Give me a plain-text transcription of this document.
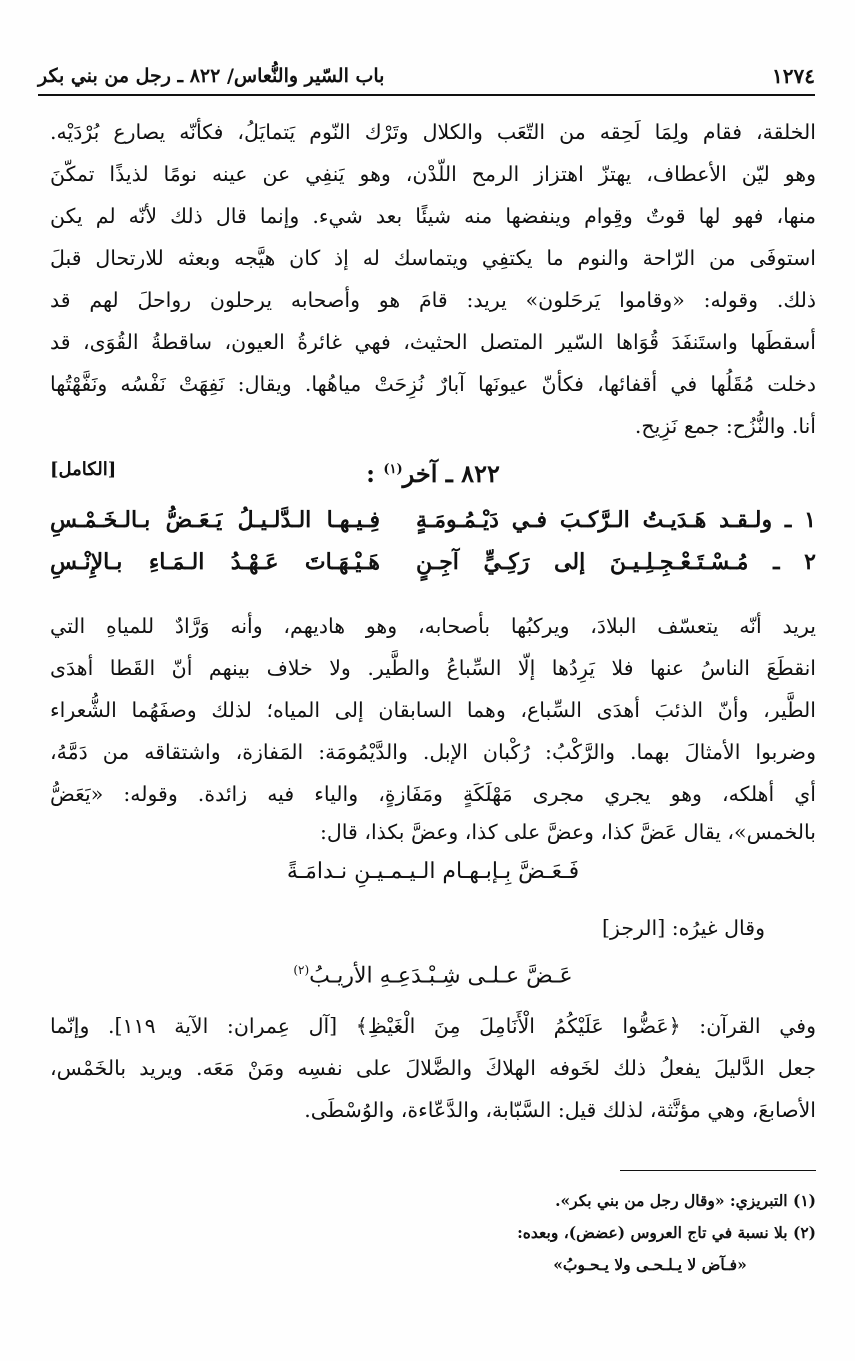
١٢٧٤
باب السّير والنُّعاس/ ٨٢٢ ـ رجل من بني بكر
الخلقة، فقام ولِمَا لَحِقه من التّعَب والكلال وتَرْك النّوم يَتمايَلُ، فكأنّه يصارع بُرْدَيْه.
وهو ليّن الأعطاف، يهتزّ اهتزاز الرمح اللّدْن، وهو يَنفِي عن عينه نومًا لذيذًا تمكّنَ
منها، فهو لها قوتٌ وقِوام وينفضها منه شيئًا بعد شيء. وإنما قال ذلك لأنّه لم يكن
استوفَى من الرّاحة والنوم ما يكتفِي ويتماسك له إذ كان هيَّجه وبعثه للارتحال قبلَ
ذلك. وقوله: «وقاموا يَرحَلون» يريد: قامَ هو وأصحابه يرحلون رواحلَ لهم قد
أسقطَها واستَنفَدَ قُوَاها السّير المتصل الحثيث، فهي غائرةُ العيون، ساقطةُ القُوَى، قد
دخلت مُقَلُها في أقفائها، فكأنّ عيونَها آبارٌ نُزِحَتْ مياهُها. ويقال: نَفِهَتْ نَفْسُه ونَفَّهْتُها
أنا. والنُّزُح: جمع نَزِيح.
٨٢٢ ـ آخر$^{(١)}$ :
[الكامل]
١ ـ ولـقـد هَـدَيـتُ الـرَّكـبَ فـي دَيْـمُـومَـةٍ
فِـيـهـا الـدَّلـيـلُ يَـعَـضُّ بـالـخَـمْـسِ
٢ ـ مُـسْـتَـعْـجِـلِـيـنَ إلى رَكِـيٍّ آجِـنٍ
هَـيْـهَـاتَ عَـهْـدُ الـمَـاءِ بـالإِنْـسِ
يريد أنّه يتعسّف البلادَ، ويركبُها بأصحابه، وهو هاديهم، وأنه وَرَّادٌ للمياهِ التي
انقطَعَ الناسُ عنها فلا يَرِدُها إلّا السِّباعُ والطَّير. ولا خلاف بينهم أنّ القَطا أهدَى
الطَّير، وأنّ الذئبَ أهدَى السِّباع، وهما السابقان إلى المياه؛ لذلك وصفَهُما الشُّعراء
وضربوا الأمثالَ بهما. والرَّكْبُ: رُكْبان الإبل. والدَّيْمُومَة: المَفازة، واشتقاقه من دَمَّهُ،
أي أهلكه، وهو يجري مجرى مَهْلَكَةٍ ومَفَازةٍ، والياء فيه زائدة. وقوله: «يَعَضُّ
بالخمس»، يقال عَضَّ كذا، وعضَّ على كذا، وعضَّ بكذا، قال:
فَـعَـضَّ بِـإبـهـام الـيـمـيـنِ نـدامَـةً
وقال غيرُه: [الرجز]
عَـضَّ عـلـى شِـبْـدَعِـهِ الأريـبُ$^{(٢)}$
وفي القرآن: ﴿عَضُّوا عَلَيْكُمُ الْأَنَامِلَ مِنَ الْغَيْظِ﴾ [آل عِمران: الآية ١١٩]. وإنّما
جعل الدَّليلَ يفعلُ ذلك لخَوفه الهلاكَ والضَّلالَ على نفسِه ومَنْ مَعَه. ويريد بالخَمْس،
الأصابعَ، وهي مؤنَّثة، لذلك قيل: السَّبّابة، والدَّعّاءة، والوُسْطَى.
(١) التبريزي: «وقال رجل من بني بكر».
(٢) بلا نسبة في تاج العروس (عضض)، وبعده:
«فـآض لا يـلـحـى ولا يـحـوبُ»
